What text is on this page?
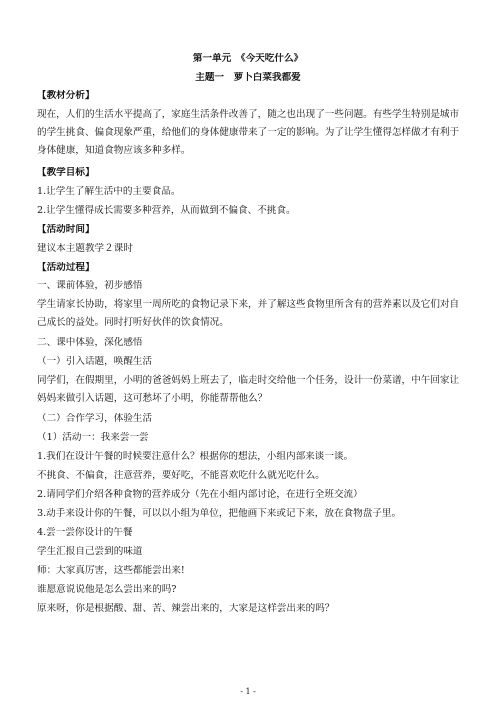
第一单元　《今天吃什么》
主题一　萝卜白菜我都爱
【教材分析】
现在，人们的生活水平提高了，家庭生活条件改善了，随之也出现了一些问题。有些学生特别是城市的学生挑食、偏食现象严重，给他们的身体健康带来了一定的影响。为了让学生懂得怎样做才有利于身体健康，知道食物应该多种多样。
【教学目标】
1.让学生了解生活中的主要食品。
2.让学生懂得成长需要多种营养，从而做到不偏食、不挑食。
【活动时间】
建议本主题教学２课时
【活动过程】
一、课前体验，初步感悟
学生请家长协助，将家里一周所吃的食物记录下来，并了解这些食物里所含有的营养素以及它们对自己成长的益处。同时打听好伙伴的饮食情况。
二、课中体验，深化感悟
（一）引入话题，唤醒生活
同学们，在假期里，小明的爸爸妈妈上班去了，临走时交给他一个任务，设计一份菜谱，中午回家让妈妈来做引入话题，这可愁坏了小明，你能帮帮他么？
（二）合作学习，体验生活
（1）活动一：我来尝一尝
1.我们在设计午餐的时候要注意什么？根据你的想法，小组内部来谈一谈。
不挑食、不偏食，注意营养，要好吃，不能喜欢吃什么就光吃什么。
2.请同学们介绍各种食物的营养成分（先在小组内部讨论，在进行全班交流）
3.动手来设计你的午餐，可以以小组为单位，把他画下来或记下来，放在食物盘子里。
4.尝一尝你设计的午餐
学生汇报自己尝到的味道
师：大家真厉害，这些都能尝出来!
谁愿意说说他是怎么尝出来的吗?
原来呀，你是根据酸、甜、苦、辣尝出来的，大家是这样尝出来的吗？
- 1 -
